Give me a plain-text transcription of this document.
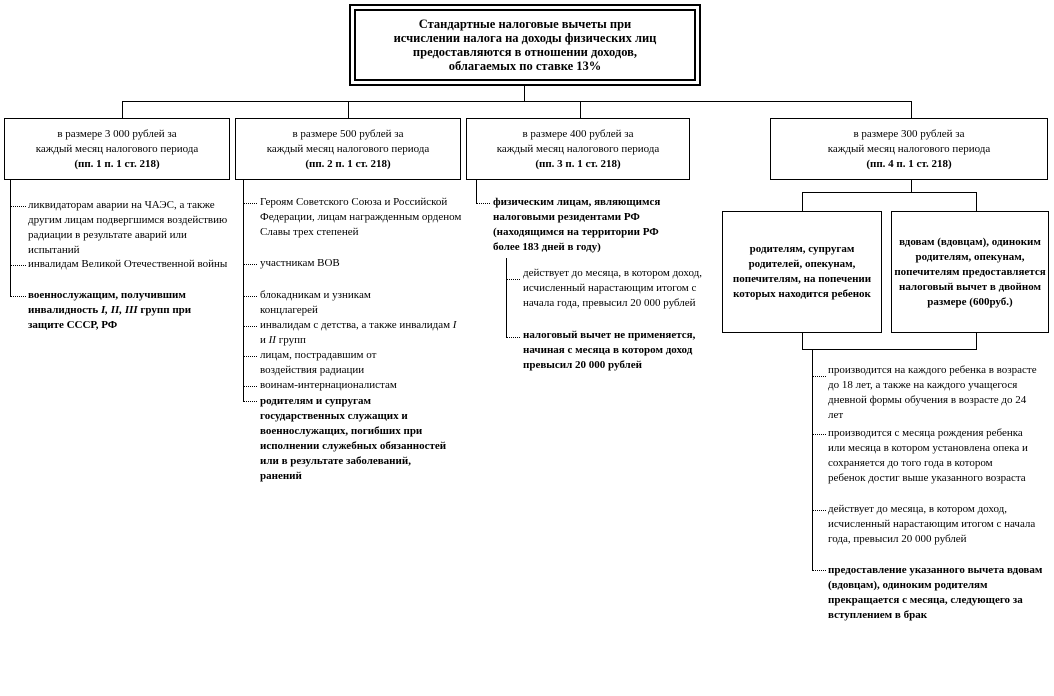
Стандартные налоговые вычеты при
исчислении налога на доходы физических лиц
предоставляются в отношении доходов,
облагаемых по ставке 13%
в размере 3 000 рублей за
каждый месяц налогового периода
(пп. 1 п. 1 ст. 218)
ликвидаторам аварии на ЧАЭС, а также другим лицам подвергшимся воздействию радиации в результате аварий или испытаний
инвалидам Великой Отечественной войны
военнослужащим, получившим инвалидность I, II, III групп при защите СССР, РФ
в размере 500 рублей за
каждый месяц налогового периода
(пп. 2 п. 1 ст. 218)
Героям Советского Союза и Российской Федерации, лицам награжденным орденом Славы трех степеней
участникам ВОВ
блокадникам и узникам концлагерей
инвалидам с детства, а также инвалидам I и II групп
лицам, пострадавшим от воздействия радиации
воинам-интернационалистам
родителям и супругам государственных служащих и военнослужащих, погибших при исполнении служебных обязанностей или в результате заболеваний, ранений
в размере 400 рублей за
каждый месяц налогового периода
(пп. 3 п. 1 ст. 218)
физическим лицам, являющимся налоговыми резидентами РФ (находящимся на территории РФ более 183 дней в году)
действует до месяца, в котором доход, исчисленный нарастающим итогом с начала года, превысил 20 000 рублей
налоговый вычет не применяется, начиная с месяца в котором доход превысил 20 000 рублей
в размере 300 рублей за
каждый месяц налогового периода
(пп. 4 п. 1 ст. 218)
родителям, супругам родителей, опекунам, попечителям, на попечении которых находится ребенок
вдовам (вдовцам), одиноким родителям, опекунам, попечителям предоставляется налоговый вычет в двойном размере (600руб.)
производится на каждого ребенка в возрасте до 18 лет, а также на каждого учащегося дневной формы обучения в возрасте до 24 лет
производится с месяца рождения ребенка или месяца в котором установлена опека и сохраняется до того года в котором ребенок достиг выше указанного возраста
действует до месяца, в котором доход, исчисленный нарастающим итогом с начала года, превысил 20 000 рублей
предоставление указанного вычета вдовам (вдовцам), одиноким родителям прекращается с месяца, следующего за вступлением в брак
